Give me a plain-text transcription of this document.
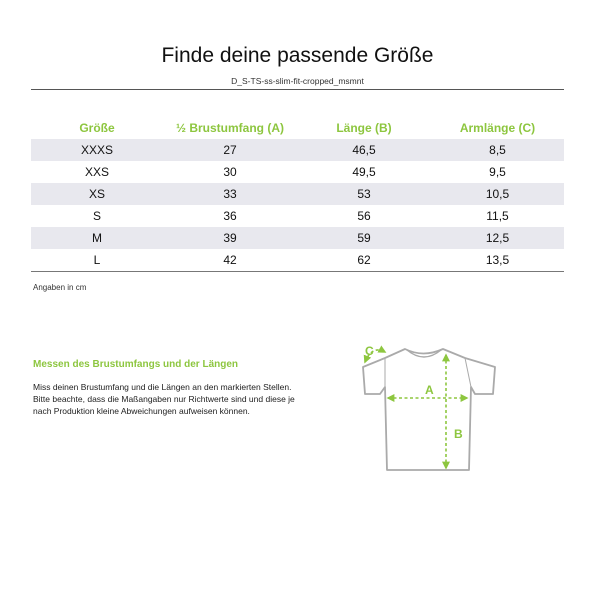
Finde deine passende Größe
D_S-TS-ss-slim-fit-cropped_msmnt
Größe	½ Brustumfang (A)	Länge (B)	Armlänge (C)
XXXS	27	46,5	8,5
XXS	30	49,5	9,5
XS	33	53	10,5
S	36	56	11,5
M	39	59	12,5
L	42	62	13,5
Angaben in cm
Messen des Brustumfangs und der Längen

Miss deinen Brustumfang und die Längen an den markierten Stellen.

Bitte beachte, dass die Maßangaben nur Richtwerte sind und diese je nach Produktion kleine Abweichungen aufweisen können.

A
B
C
